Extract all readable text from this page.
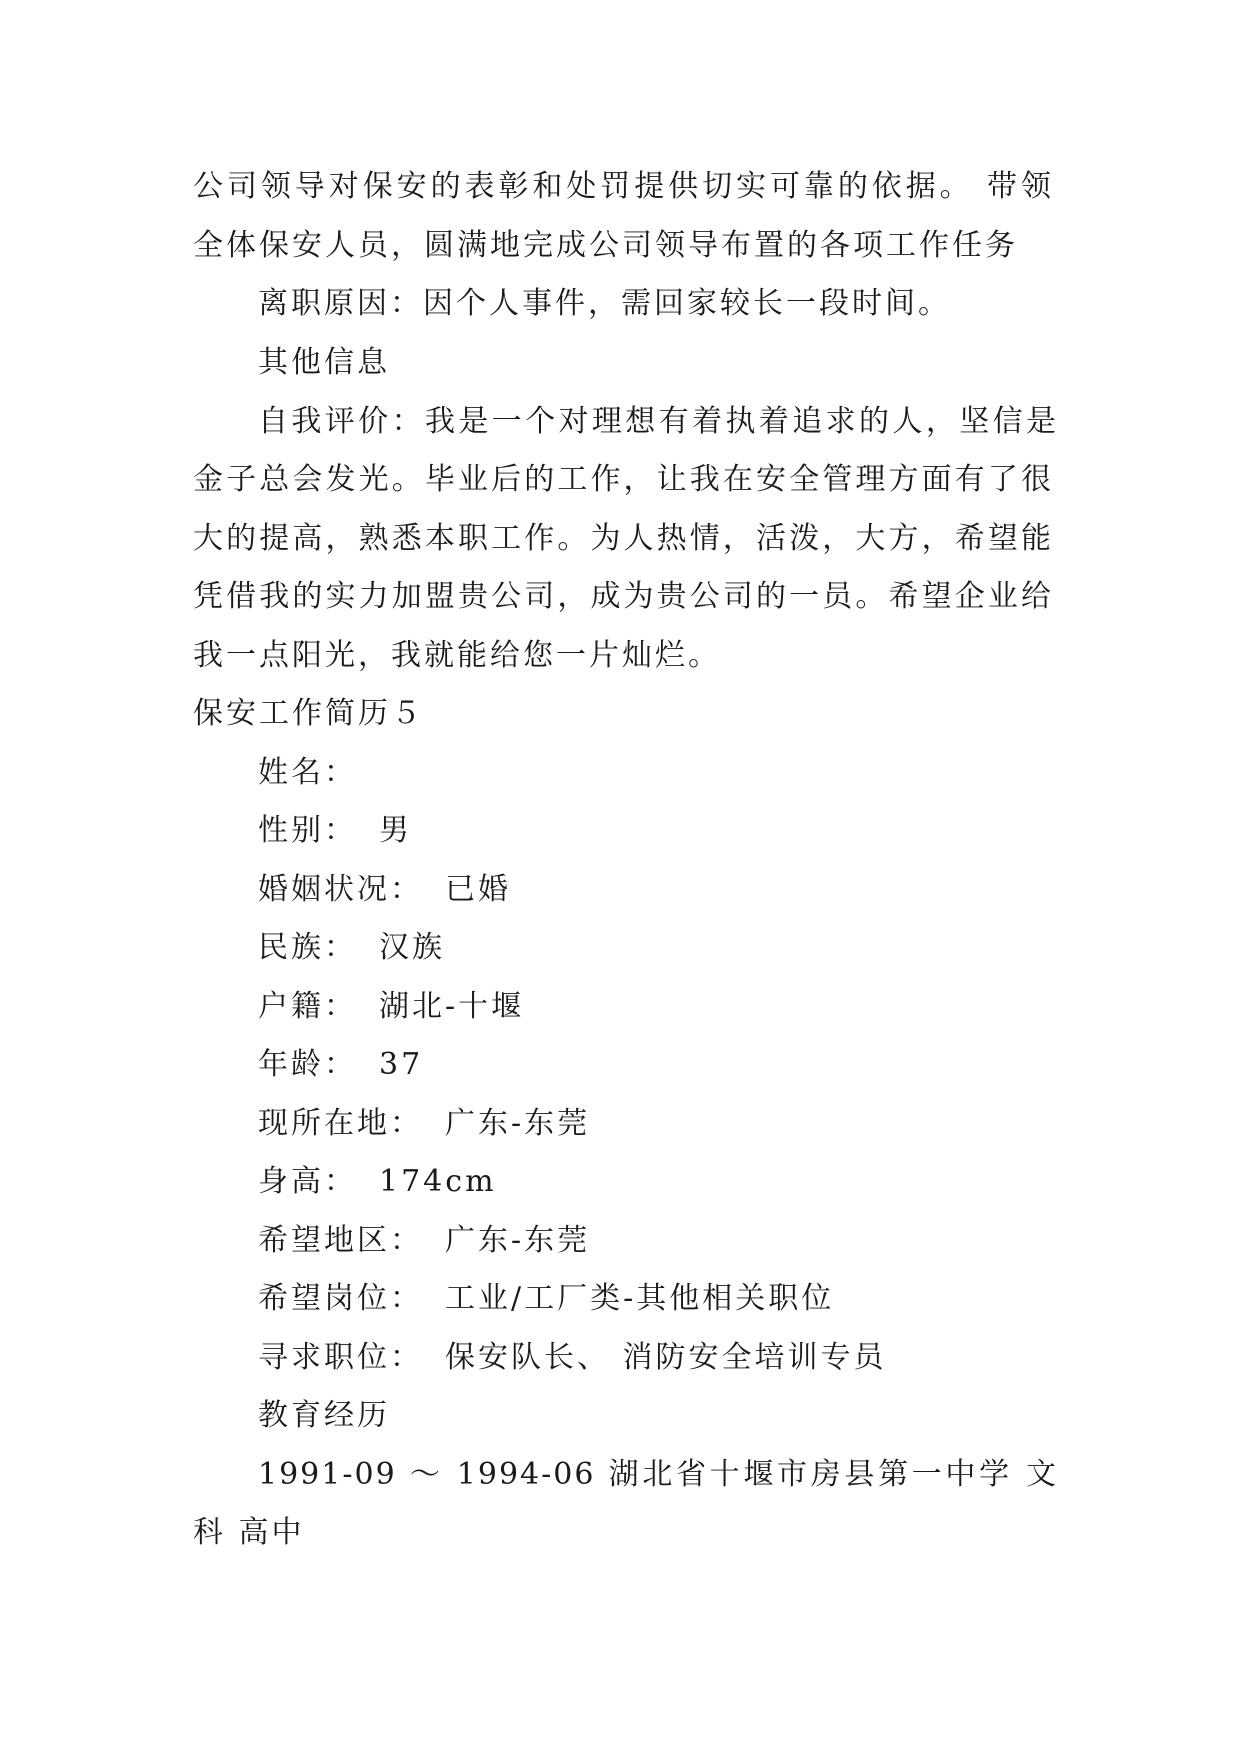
公司领导对保安的表彰和处罚提供切实可靠的依据。 带领
全体保安人员，圆满地完成公司领导布置的各项工作任务
离职原因：因个人事件，需回家较长一段时间。
其他信息
自我评价：我是一个对理想有着执着追求的人，坚信是
金子总会发光。毕业后的工作，让我在安全管理方面有了很
大的提高，熟悉本职工作。为人热情，活泼，大方，希望能
凭借我的实力加盟贵公司，成为贵公司的一员。希望企业给
我一点阳光，我就能给您一片灿烂。
保安工作简历５
姓名：
性别： 男
婚姻状况： 已婚
民族： 汉族
户籍： 湖北-十堰
年龄： 37
现所在地： 广东-东莞
身高： 174cm
希望地区： 广东-东莞
希望岗位： 工业/工厂类-其他相关职位
寻求职位： 保安队长、 消防安全培训专员
教育经历
1991-09 ～ 1994-06 湖北省十堰市房县第一中学 文
科 高中
